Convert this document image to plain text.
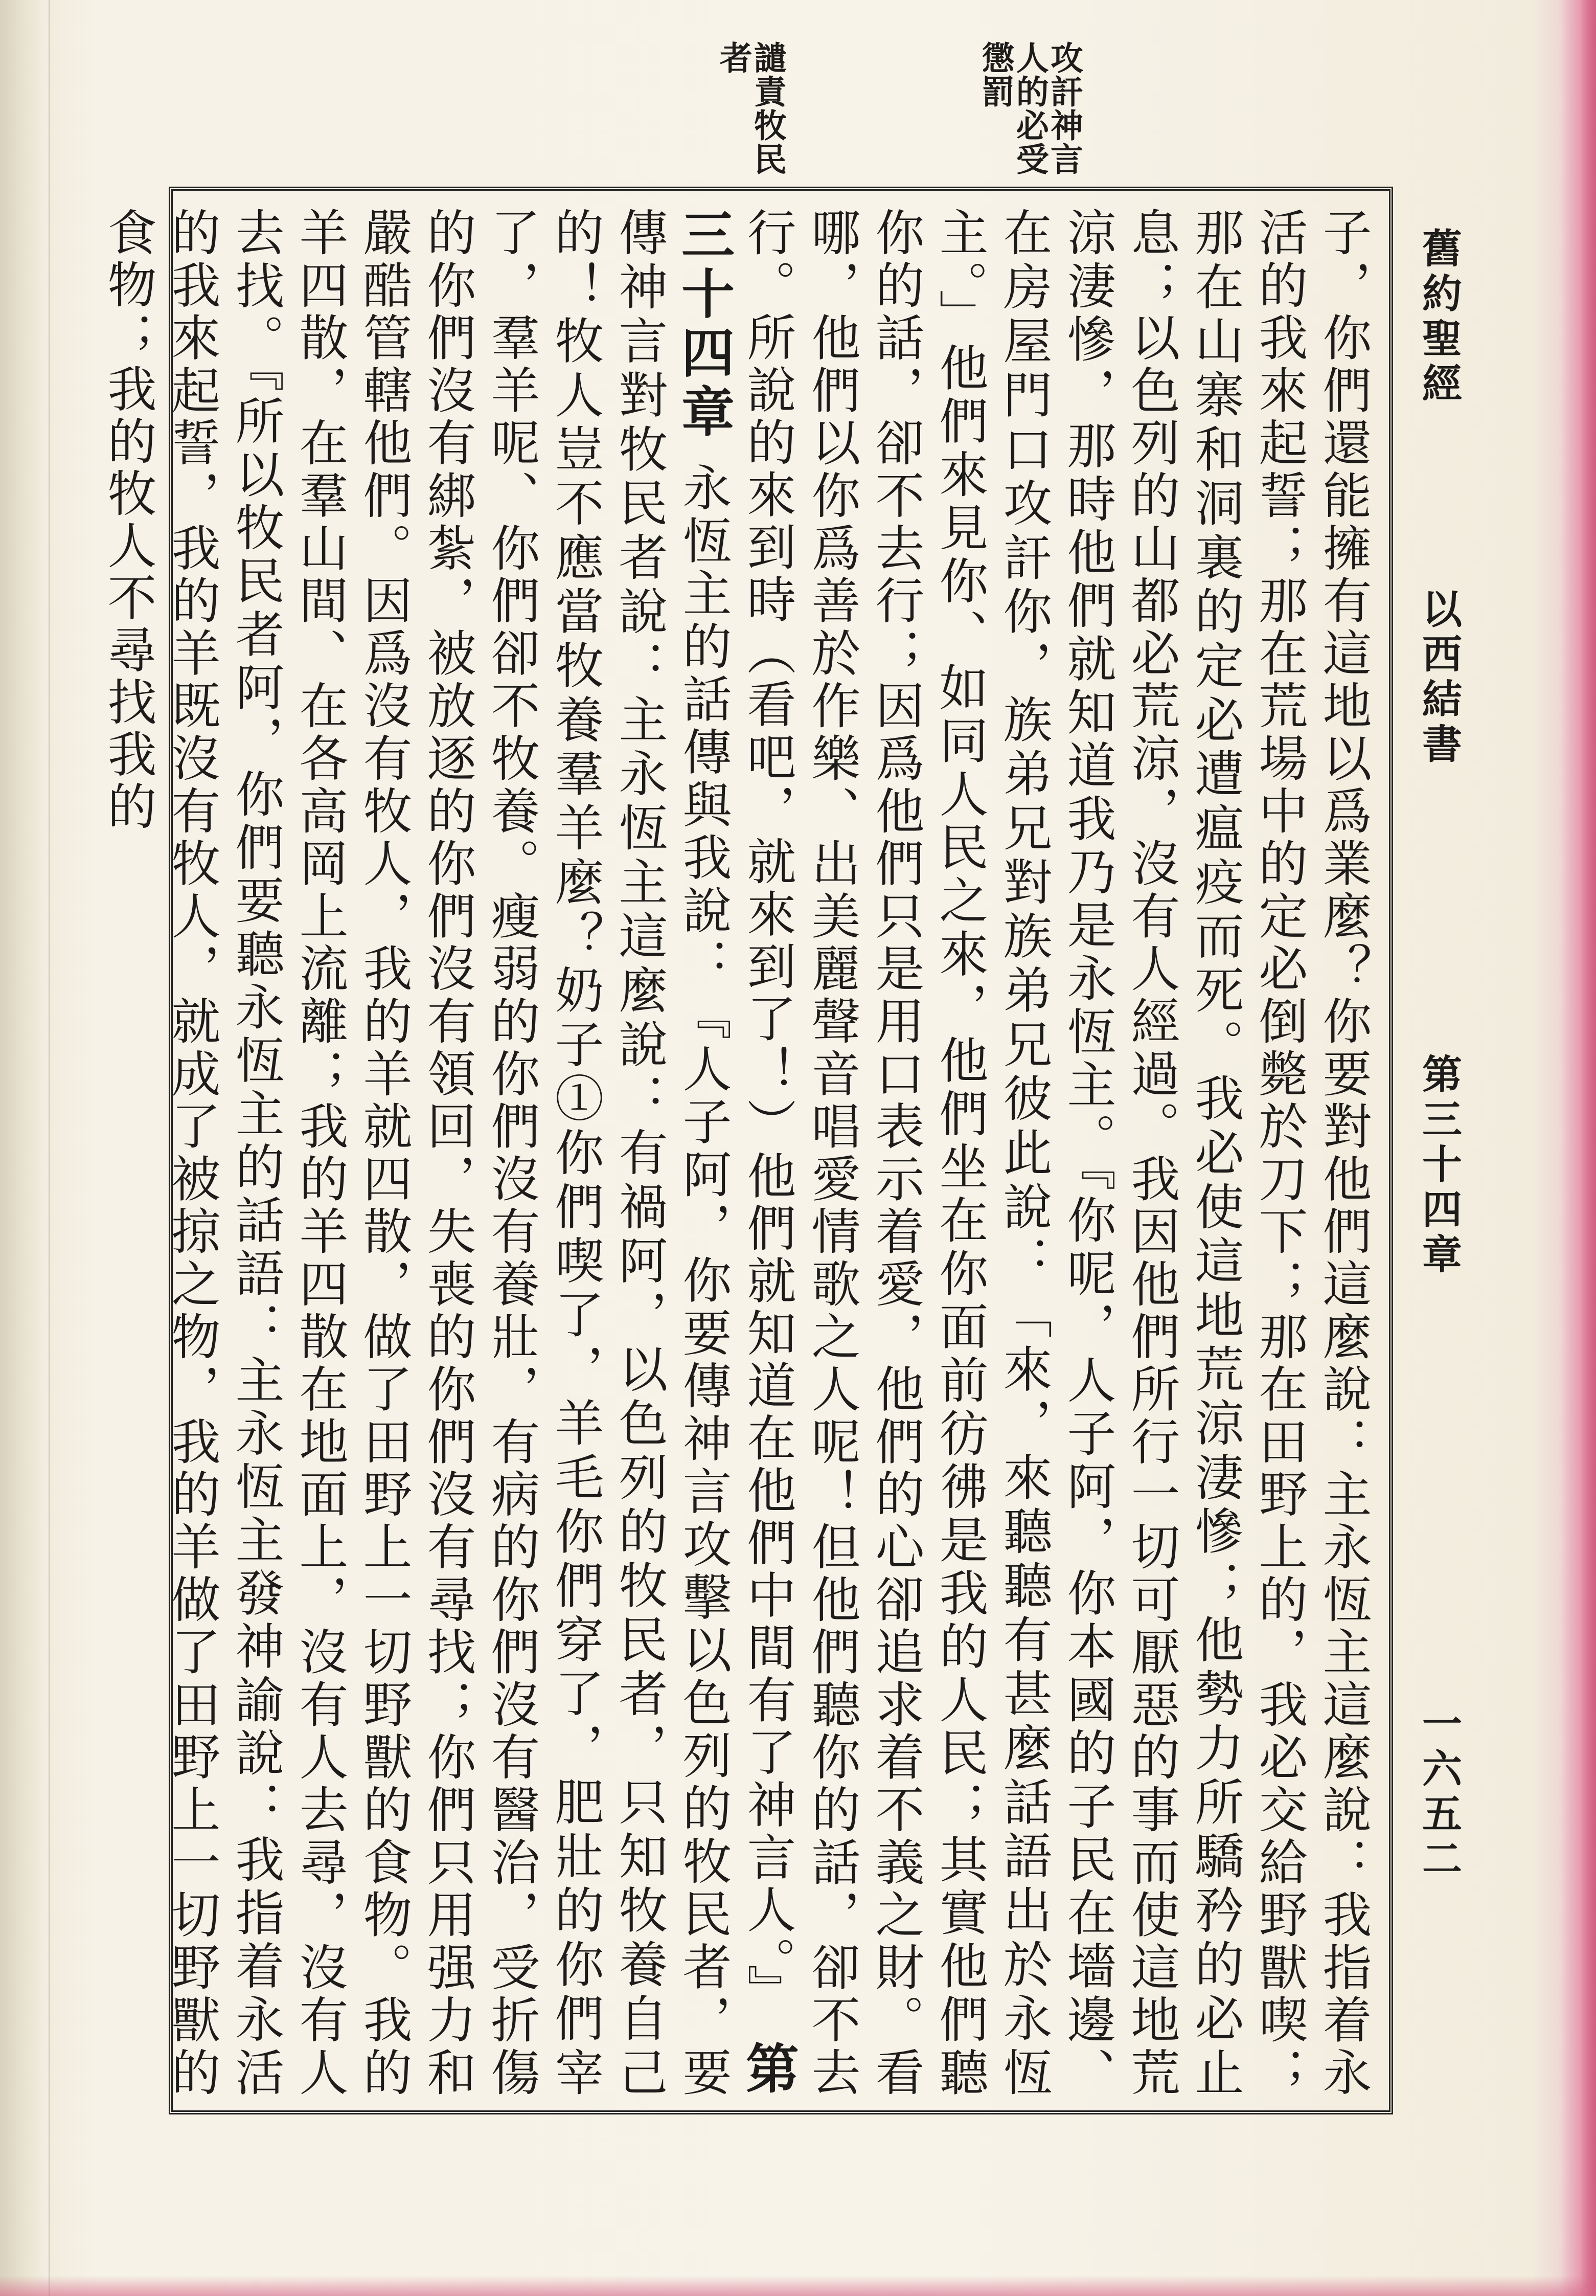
舊約聖經
以西結書
第三十四章
一六五二
攻訐神言人的必受懲罰
譴責牧民者
子，你們還能擁有這地以爲業麼？你要對他們這麼說：主永恆主這麼說：我指着永活的我來起誓；那在荒場中的定必倒斃於刀下；那在田野上的，我必交給野獸喫；那在山寨和洞裏的定必遭瘟疫而死。我必使這地荒涼淒慘；他勢力所驕矜的必止息；以色列的山都必荒涼，沒有人經過。我因他們所行一切可厭惡的事而使這地荒涼淒慘，那時他們就知道我乃是永恆主。『你呢，人子阿，你本國的子民在墻邊、在房屋門口攻訐你，族弟兄對族弟兄彼此說：「來，來聽聽有甚麼話語出於永恆主。」他們來見你、如同人民之來，他們坐在你面前彷彿是我的人民；其實他們聽你的話，卻不去行；因爲他們只是用口表示着愛，他們的心卻追求着不義之財。看哪，他們以你爲善於作樂、出美麗聲音唱愛情歌之人呢！但他們聽你的話，卻不去行。所說的來到時（看吧，就來到了！）他們就知道在他們中間有了神言人。』 第三十四章 永恆主的話傳與我說：『人子阿，你要傳神言攻擊以色列的牧民者，要傳神言對牧民者說：主永恆主這麼說：有禍阿，以色列的牧民者，只知牧養自己的！牧人豈不應當牧養羣羊麼？奶子①你們喫了，羊毛你們穿了，肥壯的你們宰了，羣羊呢、你們卻不牧養。瘦弱的你們沒有養壯，有病的你們沒有醫治，受折傷的你們沒有綁紮，被放逐的你們沒有領回，失喪的你們沒有尋找；你們只用强力和嚴酷管轄他們。因爲沒有牧人，我的羊就四散，做了田野上一切野獸的食物。我的羊四散，在羣山間、在各高岡上流離；我的羊四散在地面上，沒有人去尋，沒有人去找。『所以牧民者阿，你們要聽永恆主的話語：主永恆主發神諭說：我指着永活的我來起誓，我的羊既沒有牧人，就成了被掠之物，我的羊做了田野上一切野獸的食物；我的牧人不尋找我的
